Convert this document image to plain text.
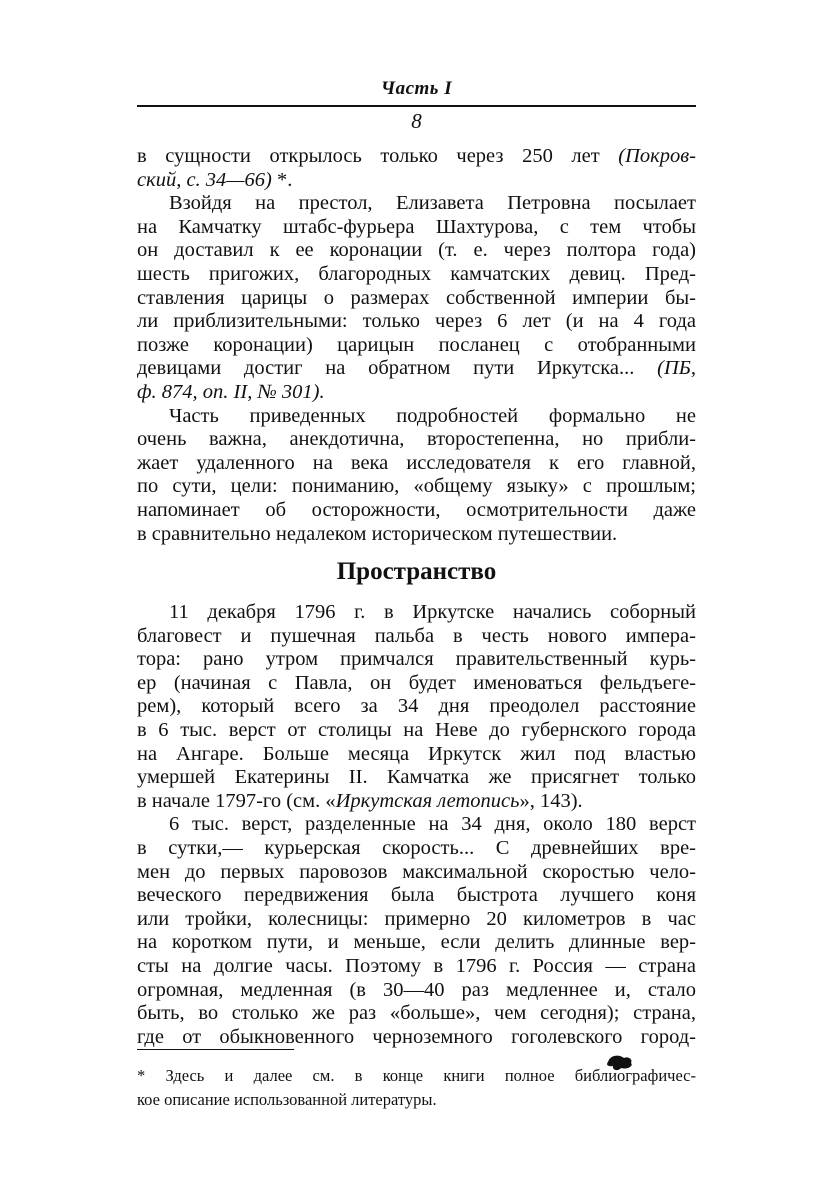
Часть I
8
в сущности открылось только через 250 лет (Покров-
ский, с. 34—66) *.
Взойдя на престол, Елизавета Петровна посылает
на Камчатку штабс-фурьера Шахтурова, с тем чтобы
он доставил к ее коронации (т. е. через полтора года)
шесть пригожих, благородных камчатских девиц. Пред-
ставления царицы о размерах собственной империи бы-
ли приблизительными: только через 6 лет (и на 4 года
позже коронации) царицын посланец с отобранными
девицами достиг на обратном пути Иркутска... (ПБ,
ф. 874, оп. II, № 301).
Часть приведенных подробностей формально не
очень важна, анекдотична, второстепенна, но прибли-
жает удаленного на века исследователя к его главной,
по сути, цели: пониманию, «общему языку» с прошлым;
напоминает об осторожности, осмотрительности даже
в сравнительно недалеком историческом путешествии.
Пространство
11 декабря 1796 г. в Иркутске начались соборный
благовест и пушечная пальба в честь нового импера-
тора: рано утром примчался правительственный курь-
ер (начиная с Павла, он будет именоваться фельдъеге-
рем), который всего за 34 дня преодолел расстояние
в 6 тыс. верст от столицы на Неве до губернского города
на Ангаре. Больше месяца Иркутск жил под властью
умершей Екатерины II. Камчатка же присягнет только
в начале 1797-го (см. «Иркутская летопись», 143).
6 тыс. верст, разделенные на 34 дня, около 180 верст
в сутки,— курьерская скорость... С древнейших вре-
мен до первых паровозов максимальной скоростью чело-
веческого передвижения была быстрота лучшего коня
или тройки, колесницы: примерно 20 километров в час
на коротком пути, и меньше, если делить длинные вер-
сты на долгие часы. Поэтому в 1796 г. Россия — страна
огромная, медленная (в 30—40 раз медленнее и, стало
быть, во столько же раз «больше», чем сегодня); страна,
где от обыкновенного черноземного гоголевского город-
* Здесь и далее см. в конце книги полное библиографичес-
кое описание использованной литературы.
